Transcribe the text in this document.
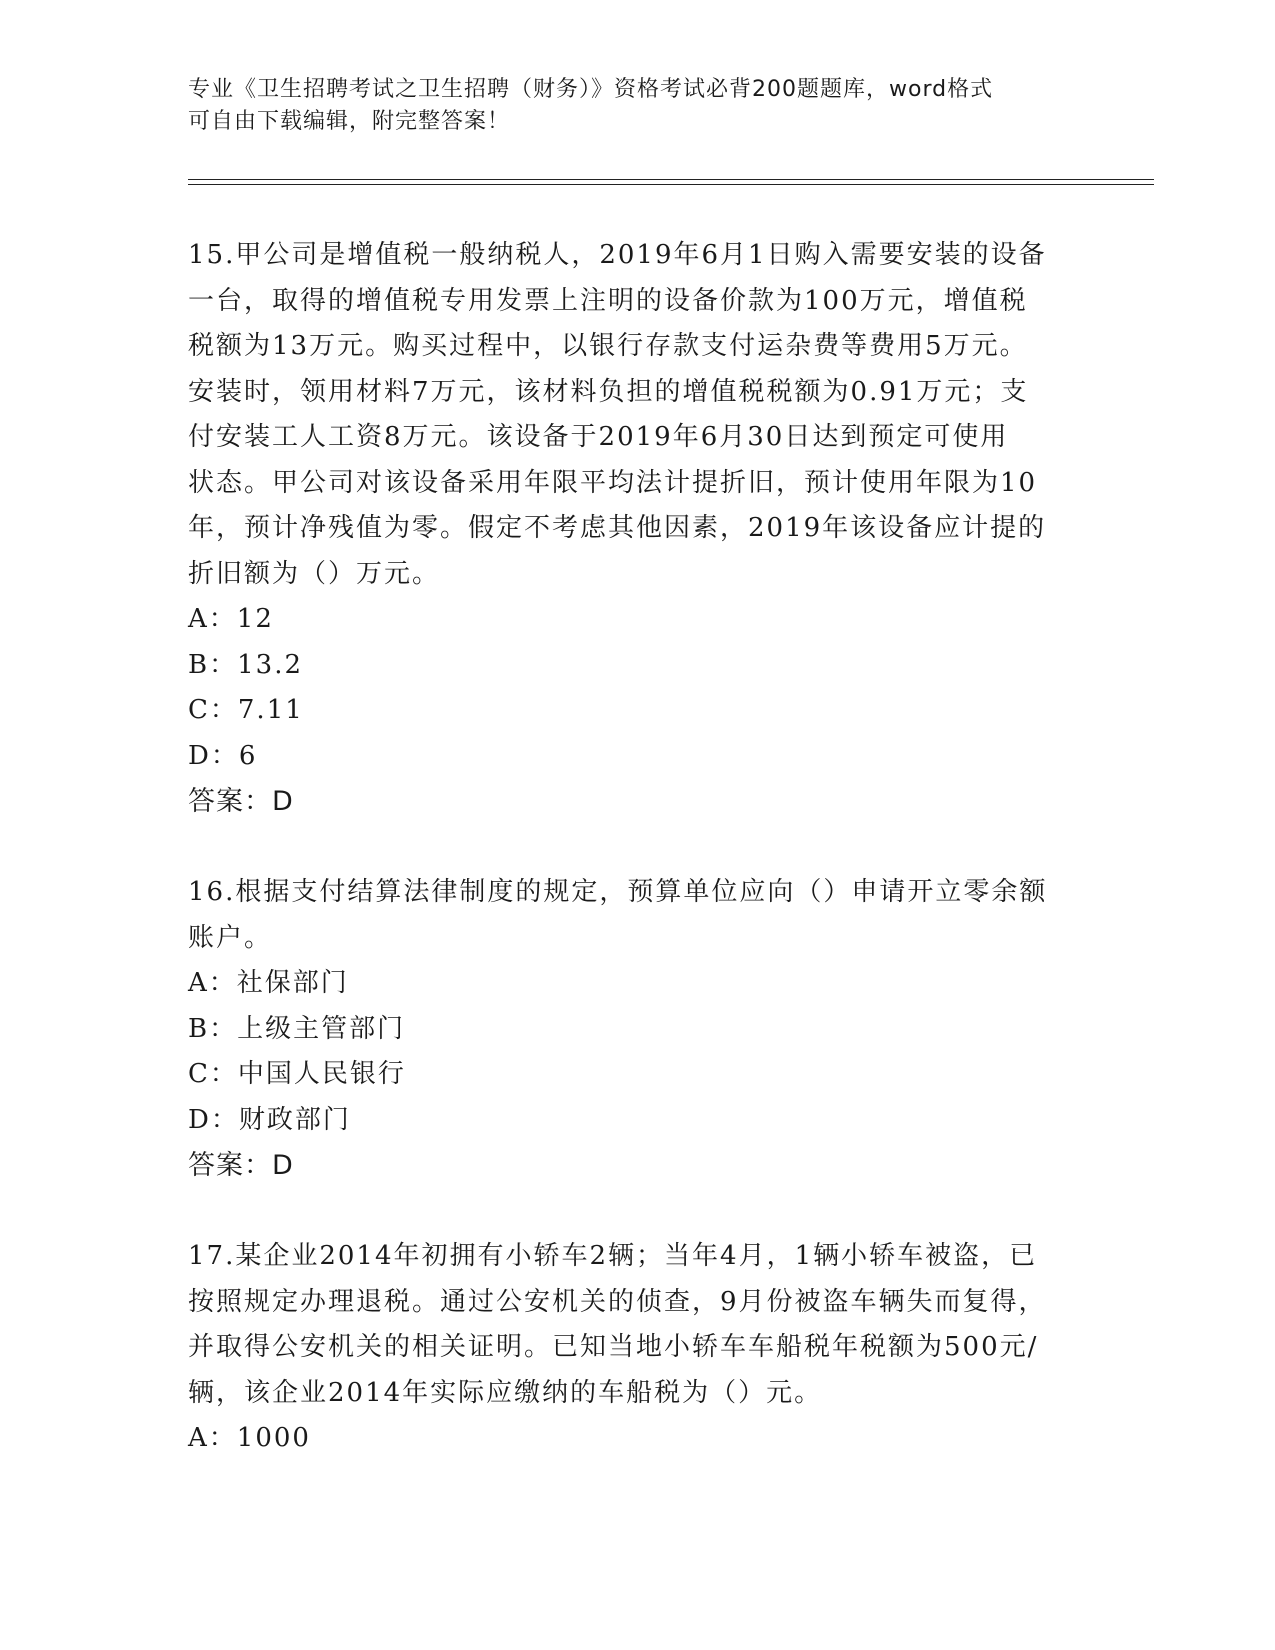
专业《卫生招聘考试之卫生招聘（财务）》资格考试必背200题题库，word格式
可自由下载编辑，附完整答案！
15.甲公司是增值税一般纳税人，2019年6月1日购入需要安装的设备
一台，取得的增值税专用发票上注明的设备价款为100万元，增值税
税额为13万元。购买过程中，以银行存款支付运杂费等费用5万元。
安装时，领用材料7万元，该材料负担的增值税税额为0.91万元；支
付安装工人工资8万元。该设备于2019年6月30日达到预定可使用
状态。甲公司对该设备采用年限平均法计提折旧，预计使用年限为10
年，预计净残值为零。假定不考虑其他因素，2019年该设备应计提的
折旧额为（）万元。
A：12
B：13.2
C：7.11
D：6
答案：D
16.根据支付结算法律制度的规定，预算单位应向（）申请开立零余额
账户。
A：社保部门
B：上级主管部门
C：中国人民银行
D：财政部门
答案：D
17.某企业2014年初拥有小轿车2辆；当年4月，1辆小轿车被盗，已
按照规定办理退税。通过公安机关的侦查，9月份被盗车辆失而复得，
并取得公安机关的相关证明。已知当地小轿车车船税年税额为500元/
辆，该企业2014年实际应缴纳的车船税为（）元。
A：1000
